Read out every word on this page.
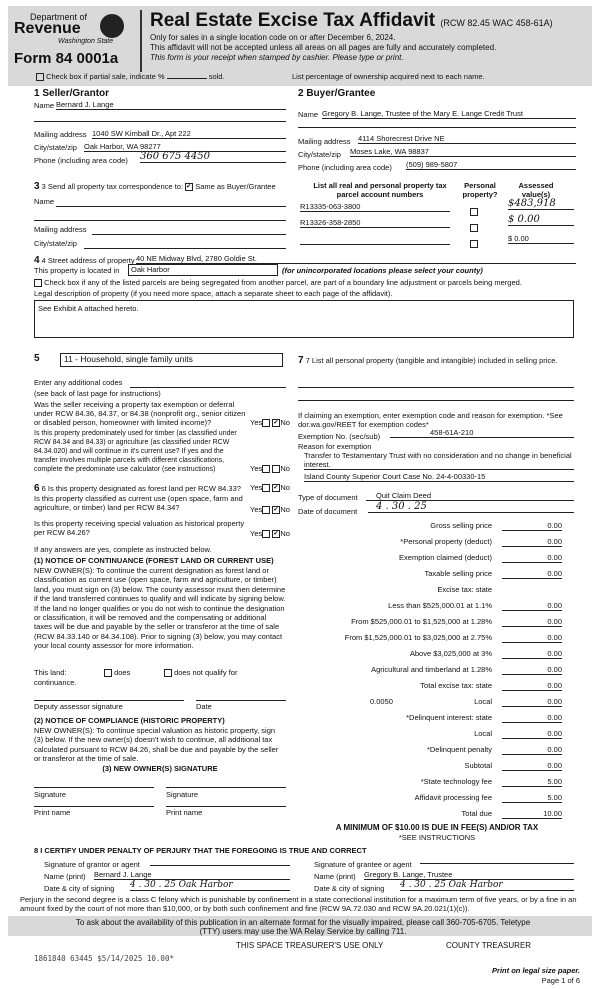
Department of
Revenue
Washington State
Form 84 0001a
Real Estate Excise Tax Affidavit (RCW 82.45 WAC 458-61A)
Only for sales in a single location code on or after December 6, 2024.
This affidavit will not be accepted unless all areas on all pages are fully and accurately completed.
This form is your receipt when stamped by cashier. Please type or print.
Check box if partial sale, indicate %	sold.	List percentage of ownership acquired next to each name.
1 Seller/Grantor
Name Bernard J. Lange
Mailing address 1040 SW Kimball Dr., Apt 222
City/state/zip Oak Harbor, WA 98277
Phone (including area code) 360 675 4450
2 Buyer/Grantee
Name Gregory B. Lange, Trustee of the Mary E. Lange Credit Trust
Mailing address 4114 Shorecrest Drive NE
City/state/zip Moses Lake, WA 98837
Phone (including area code) (509) 989-5807
3 3 Send all property tax correspondence to: ✔ Same as Buyer/Grantee
Name
Mailing address
City/state/zip
List all real and personal property tax parcel account numbers
Personal property?
Assessed value(s)
R13335-063-3800	$483,918
R13326-358-2850	$ 0.00
$ 0.00
4 4 Street address of property 40 NE Midway Blvd, 2780 Goldie St.
This property is located in	Oak Harbor	(for unincorporated locations please select your county)
Check box if any of the listed parcels are being segregated from another parcel, are part of a boundary line adjustment or parcels being merged.
Legal description of property (if you need more space, attach a separate sheet to each page of the affidavit).
See Exhibit A attached hereto.
5	11 - Household, single family units
Enter any additional codes
(see back of last page for instructions)
Was the seller receiving a property tax exemption or deferral under RCW 84.36, 84.37, or 84.38 (nonprofit org., senior citizen or disabled person, homeowner with limited income)?	Yes ✔ No
Is this property predominately used for timber (as classified under RCW 84.34 and 84.33) or agriculture (as classified under RCW 84.34.020) and will continue in it's current use? If yes and the transfer involves multiple parcels with different classifications, complete the predominate use calculator (see instructions)	Yes No
6 6 Is this property designated as forest land per RCW 84.33? Yes ✔ No
Is this property classified as current use (open space, farm and agriculture, or timber) land per RCW 84.34?	Yes ✔ No
Is this property receiving special valuation as historical property per RCW 84.26?	Yes ✔ No
If any answers are yes, complete as instructed below.
(1) NOTICE OF CONTINUANCE (FOREST LAND OR CURRENT USE)
NEW OWNER(S): To continue the current designation as forest land or classification as current use (open space, farm and agriculture, or timber) land, you must sign on (3) below. The county assessor must then determine if the land transferred continues to qualify and will indicate by signing below. If the land no longer qualifies or you do not wish to continue the designation or classification, it will be removed and the compensating or additional taxes will be due and payable by the seller or transferor at the time of sale (RCW 84.33.140 or 84.34.108). Prior to signing (3) below, you may contact your local county assessor for more information.
This land:	does	does not qualify for
continuance.
Deputy assessor signature	Date
(2) NOTICE OF COMPLIANCE (HISTORIC PROPERTY)
NEW OWNER(S): To continue special valuation as historic property, sign (3) below. If the new owner(s) doesn't wish to continue, all additional tax calculated pursuant to RCW 84.26, shall be due and payable by the seller or transferor at the time of sale.
(3) NEW OWNER(S) SIGNATURE
Signature	Signature
Print name	Print name
7 7 List all personal property (tangible and intangible) included in selling price.
If claiming an exemption, enter exemption code and reason for exemption. *See dor.wa.gov/REET for exemption codes*
Exemption No. (sec/sub)	458-61A-210
Reason for exemption
Transfer to Testamentary Trust with no consideration and no change in beneficial interest.
Island County Superior Court Case No. 24-4-00330-15
Type of document	Quit Claim Deed
Date of document	4 . 30 . 25
Gross selling price	0.00
*Personal property (deduct)	0.00
Exemption claimed (deduct)	0.00
Taxable selling price	0.00
Excise tax: state
Less than $525,000.01 at 1.1%	0.00
From $525,000.01 to $1,525,000 at 1.28%	0.00
From $1,525,000.01 to $3,025,000 at 2.75%	0.00
Above $3,025,000 at 3%	0.00
Agricultural and timberland at 1.28%	0.00
Total excise tax: state	0.00
0.0050	Local	0.00
*Delinquent interest: state	0.00
Local	0.00
*Delinquent penalty	0.00
Subtotal	0.00
*State technology fee	5.00
Affidavit processing fee	5.00
Total due	10.00
A MINIMUM OF $10.00 IS DUE IN FEE(S) AND/OR TAX
*SEE INSTRUCTIONS
8 I CERTIFY UNDER PENALTY OF PERJURY THAT THE FOREGOING IS TRUE AND CORRECT
Signature of grantor or agent

Name (print) Bernard J. Lange
Date & city of signing 4 . 30 . 25 Oak Harbor
Signature of grantee or agent

Name (print) Gregory B. Lange, Trustee
Date & city of signing 4 . 30 . 25 Oak Harbor
Perjury in the second degree is a class C felony which is punishable by confinement in a state correctional institution for a maximum term of five years, or by a fine in an amount fixed by the court of not more than $10,000, or by both such confinement and fine (RCW 9A.72.030 and RCW 9A.20.021(1)(c)).
To ask about the availability of this publication in an alternate format for the visually impaired, please call 360-705-6705. Teletype
(TTY) users may use the WA Relay Service by calling 711.
THIS SPACE TREASURER'S USE ONLY	COUNTY TREASURER
1861840 63445 $5/14/2025 10.00*
Print on legal size paper.
Page 1 of 6
